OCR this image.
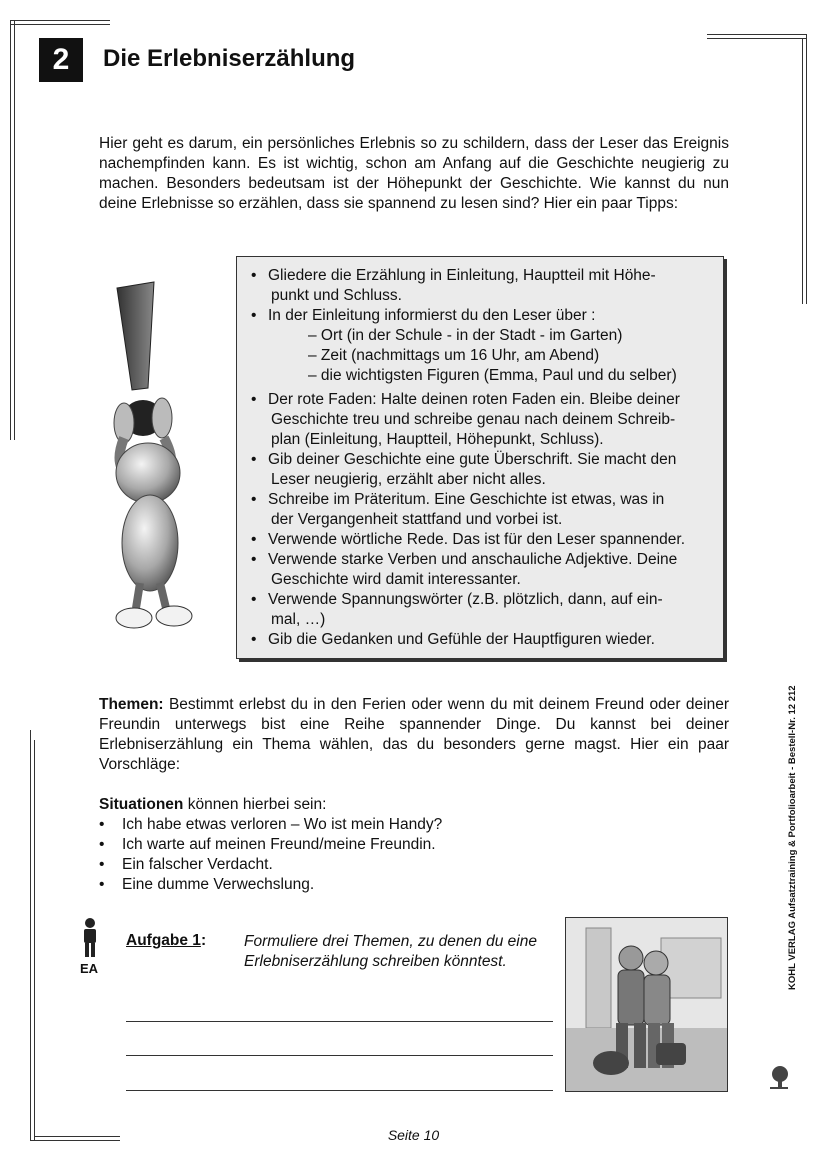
2	Die Erlebniserzählung
Hier geht es darum, ein persönliches Erlebnis so zu schildern, dass der Leser das Ereignis nachempfinden kann. Es ist wichtig, schon am Anfang auf die Geschichte neugierig zu machen. Besonders bedeutsam ist der Höhepunkt der Geschichte. Wie kannst du nun deine Erlebnisse so erzählen, dass sie spannend zu lesen sind? Hier ein paar Tipps:
• Gliedere die Erzählung in Einleitung, Hauptteil mit Höhe-
punkt und Schluss.
• In der Einleitung informierst du den Leser über :
– Ort (in der Schule - in der Stadt - im Garten)
– Zeit (nachmittags um 16 Uhr, am Abend)
– die wichtigsten Figuren (Emma, Paul und du selber)
• Der rote Faden: Halte deinen roten Faden ein. Bleibe deiner
Geschichte treu und schreibe genau nach deinem Schreib-
plan (Einleitung, Hauptteil, Höhepunkt, Schluss).
• Gib deiner Geschichte eine gute Überschrift. Sie macht den
Leser neugierig, erzählt aber nicht alles.
• Schreibe im Präteritum. Eine Geschichte ist etwas, was in
der Vergangenheit stattfand und vorbei ist.
• Verwende wörtliche Rede. Das ist für den Leser spannender.
• Verwende starke Verben und anschauliche Adjektive. Deine
Geschichte wird damit interessanter.
• Verwende Spannungswörter (z.B. plötzlich, dann, auf ein-
mal, …)
• Gib die Gedanken und Gefühle der Hauptfiguren wieder.
Themen: Bestimmt erlebst du in den Ferien oder wenn du mit deinem Freund oder deiner Freundin unterwegs bist eine Reihe spannender Dinge. Du kannst bei deiner Erlebniserzählung ein Thema wählen, das du besonders gerne magst. Hier ein paar Vorschläge:
Situationen können hierbei sein:
• Ich habe etwas verloren – Wo ist mein Handy?
• Ich warte auf meinen Freund/meine Freundin.
• Ein falscher Verdacht.
• Eine dumme Verwechslung.
EA
Aufgabe 1: Formuliere drei Themen, zu denen du eine Erlebniserzählung schreiben könntest.	KOHL VERLAG Aufsatztraining & Portfolioarbeit - Bestell-Nr. 12 212
Seite 10
